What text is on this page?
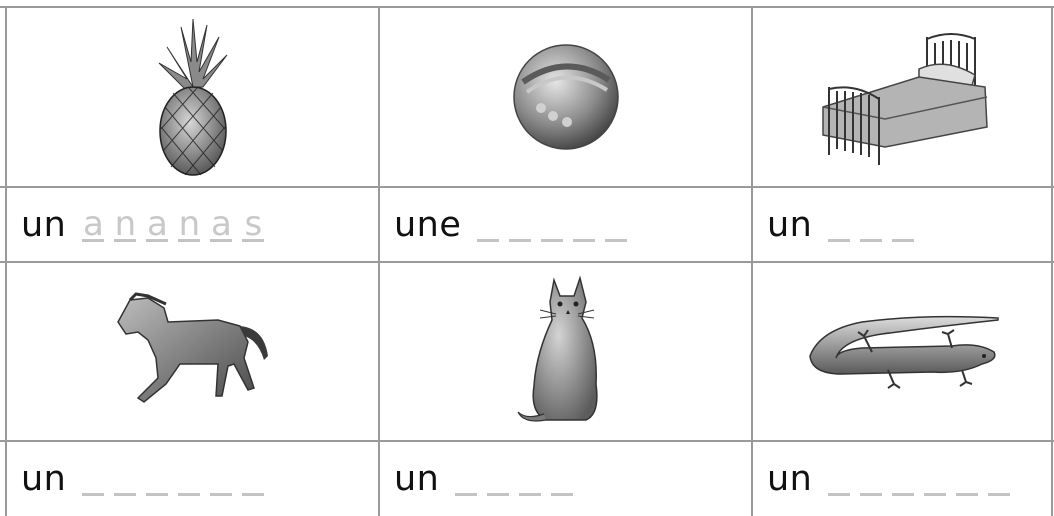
un a n a n a s	une	un
un	un	un
